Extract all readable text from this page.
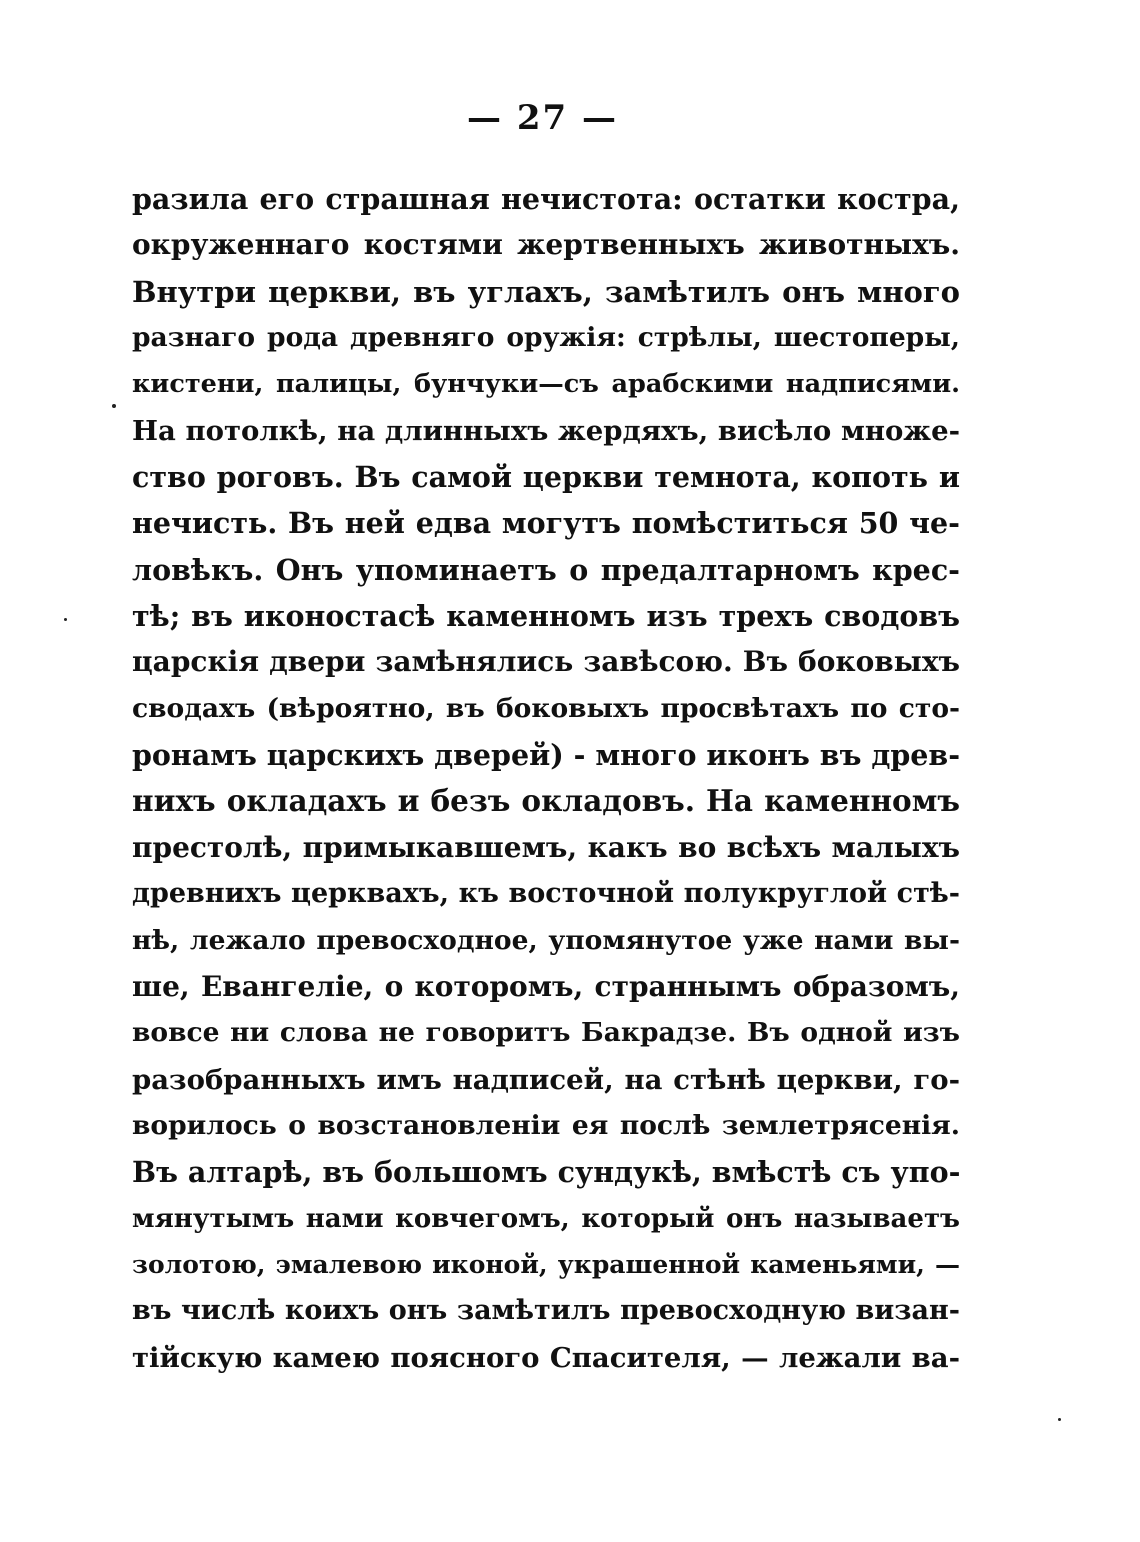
— 27 —
разила его страшная нечистота: остатки костра,
окруженнаго костями жертвенныхъ животныхъ.
Внутри церкви, въ углахъ, замѣтилъ онъ много
разнаго рода древняго оружія: стрѣлы, шестоперы,
кистени, палицы, бунчуки—съ арабскими надписями.
На потолкѣ, на длинныхъ жердяхъ, висѣло множе-
ство роговъ. Въ самой церкви темнота, копоть и
нечисть. Въ ней едва могутъ помѣститься 50 че-
ловѣкъ. Онъ упоминаетъ о предалтарномъ крес-
тѣ; въ иконостасѣ каменномъ изъ трехъ сводовъ
царскія двери замѣнялись завѣсою. Въ боковыхъ
сводахъ (вѣроятно, въ боковыхъ просвѣтахъ по сто-
ронамъ царскихъ дверей) - много иконъ въ древ-
нихъ окладахъ и безъ окладовъ. На каменномъ
престолѣ, примыкавшемъ, какъ во всѣхъ малыхъ
древнихъ церквахъ, къ восточной полукруглой стѣ-
нѣ, лежало превосходное, упомянутое уже нами вы-
ше, Евангеліе, о которомъ, страннымъ образомъ,
вовсе ни слова не говоритъ Бакрадзе. Въ одной изъ
разобранныхъ имъ надписей, на стѣнѣ церкви, го-
ворилось о возстановленіи ея послѣ землетрясенія.
Въ алтарѣ, въ большомъ сундукѣ, вмѣстѣ съ упо-
мянутымъ нами ковчегомъ, который онъ называетъ
золотою, эмалевою иконой, украшенной каменьями, —
въ числѣ коихъ онъ замѣтилъ превосходную визан-
тійскую камею поясного Спасителя, — лежали ва-
